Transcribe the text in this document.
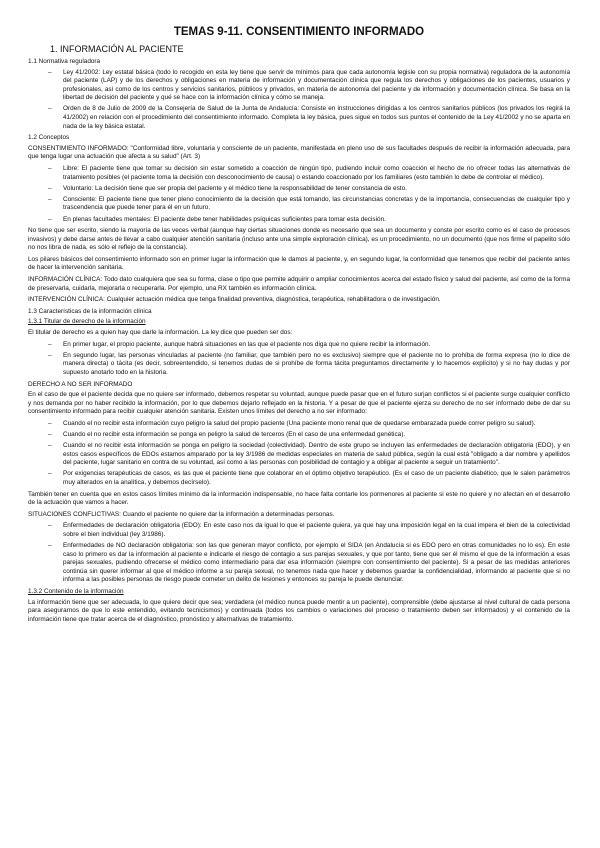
TEMAS 9-11. CONSENTIMIENTO INFORMADO
1. INFORMACIÓN AL PACIENTE
1.1 Normativa reguladora
– Ley 41/2002: Ley estatal básica (todo lo recogido en esta ley tiene que servir de mínimos para que cada autonomía legisle con su propia normativa) reguladora de la autonomía del paciente (LAP) y de los derechos y obligaciones en materia de información y documentación clínica que regula los derechos y obligaciones de los pacientes, usuarios y profesionales, así como de los centros y servicios sanitarios, públicos y privados, en materia de autonomía del paciente y de información y documentación clínica. Se basa en la libertad de decisión del paciente y qué se hace con la información clínica y cómo se maneja.
– Orden de 8 de Julio de 2009 de la Consejería de Salud de la Junta de Andalucía: Consiste en instrucciones dirigidas a los centros sanitarios públicos (los privados los regirá la 41/2002) en relación con el procedimiento del consentimiento informado. Completa la ley básica, pues sigue en todos sus puntos el contenido de la Ley 41/2002 y no se aparta en nada de la ley básica estatal.
1.2 Conceptos

CONSENTIMIENTO INFORMADO: "Conformidad libre, voluntaria y consciente de un paciente, manifestada en pleno uso de sus facultades después de recibir la información adecuada, para que tenga lugar una actuación que afecta a su salud" (Art. 3)

– Libre: El paciente tiene que tomar su decisión sin estar sometido a coacción de ningún tipo, pudiendo incluir como coacción el hecho de no ofrecer todas las alternativas de tratamiento posibles (el paciente toma la decisión con desconocimiento de causa) o estando coaccionado por los familiares (esto también lo debe de controlar el médico).
– Voluntario: La decisión tiene que ser propia del paciente y el médico tiene la responsabilidad de tener constancia de esto.
– Consciente: El paciente tiene que tener pleno conocimiento de la decisión que está tomando, las circunstancias concretas y de la importancia, consecuencias de cualquier tipo y trascendencia que puede tener para él en un futuro.
– En plenas facultades mentales: El paciente debe tener habilidades psíquicas suficientes para tomar esta decisión.

No tiene que ser escrito, siendo la mayoría de las veces verbal (aunque hay ciertas situaciones donde es necesario que sea un documento y conste por escrito como es el caso de procesos invasivos) y debe darse antes de llevar a cabo cualquier atención sanitaria (incluso ante una simple exploración clínica), es un procedimiento, no un documento (que nos firme el papelito sólo no nos libra de nada, es sólo el reflejo de la constancia).

Los pilares básicos del consentimiento informado son en primer lugar la información que le damos al paciente, y, en segundo lugar, la conformidad que tenemos que recibir del paciente antes de hacer la intervención sanitaria.

INFORMACIÓN CLÍNICA: Todo dato cualquiera que sea su forma, clase o tipo que permite adquirir o ampliar conocimientos acerca del estado físico y salud del paciente, así como de la forma de preservarla, cuidarla, mejorarla o recuperarla. Por ejemplo, una RX también es información clínica.

INTERVENCIÓN CLÍNICA: Cualquier actuación médica que tenga finalidad preventiva, diagnóstica, terapéutica, rehabilitadora o de investigación.

1.3 Características de la información clínica
1.3.1 Titular de derecho de la información

El titular de derecho es a quien hay que darle la información. La ley dice que pueden ser dos:

– En primer lugar, el propio paciente, aunque habrá situaciones en las que el paciente nos diga que no quiere recibir la información.
– En segundo lugar, las personas vinculadas al paciente (no familiar, que también pero no es exclusivo) siempre que el paciente no lo prohíba de forma expresa (no lo dice de manera directa) o tácita (es decir, sobreentendido, si tenemos dudas de si prohíbe de forma tácita preguntamos directamente y lo hacemos explícito) y si no hay dudas y por supuesto anotarlo todo en la historia.
DERECHO A NO SER INFORMADO

En el caso de que el paciente decida que no quiere ser informado, debemos respetar su voluntad, aunque puede pasar que en el futuro surjan conflictos si el paciente surge cualquier conflicto y nos demanda por no haber recibido la información, por lo que debemos dejarlo reflejado en la historia. Y a pesar de que el paciente ejerza su derecho de no ser informado debe de dar su consentimiento informado para recibir cualquier atención sanitaria. Existen unos límites del derecho a no ser informado:

– Cuando el no recibir esta información cuyo peligro la salud del propio paciente (Una paciente mono renal que de quedarse embarazada puede correr peligro su salud).
– Cuando el no recibir esta información se ponga en peligro la salud de terceros (En el caso de una enfermedad genética).
– Cuando el no recibir esta información se ponga en peligro la sociedad (colectividad). Dentro de este grupo se incluyen las enfermedades de declaración obligatoria (EDO), y en estos casos específicos de EDOs estamos amparado por la ley 3/1986 de medidas especiales en materia de salud pública, según la cual está "obligado a dar nombre y apellidos del paciente, lugar sanitario en contra de su voluntad, así como a las personas con posibilidad de contagio y a obligar al paciente a seguir un tratamiento".
– Por exigencias terapéuticas de casos, es las que el paciente tiene que colaborar en el óptimo objetivo terapéutico. (Es el caso de un paciente diabético, que le salen parámetros muy alterados en la analítica, y debemos decírselo).

También tener en cuenta que en estos casos límites mínimo da la información indispensable, no hace falta contarle los pormenores al paciente si este no quiere y no afectan en el desarrollo de la actuación que vamos a hacer.

SITUACIONES CONFLICTIVAS: Cuando el paciente no quiere dar la información a determinadas personas.

– Enfermedades de declaración obligatoria (EDO): En este caso nos da igual lo que el paciente quiera, ya que hay una imposición legal en la cual impera el bien de la colectividad sobre el bien individual (ley 3/1986).
– Enfermedades de NO declaración obligatoria: son las que generan mayor conflicto, por ejemplo el SIDA (en Andalucía si es EDO pero en otras comunidades no lo es). En este caso lo primero es dar la información al paciente e indicarle el riesgo de contagio a sus parejas sexuales, y que por tanto, tiene que ser él mismo el que de la información a esas parejas sexuales, pudiendo ofrecerse el médico como intermediario para dar esa información (siempre con consentimiento del paciente). Si a pesar de las medidas anteriores continúa sin querer informar al que el médico informe a su pareja sexual, no tenemos nada que hacer y debemos guardar la confidencialidad, informando al paciente que si no informa a las posibles personas de riesgo puede cometer un delito de lesiones y entonces su pareja le puede denunciar.
1.3.2 Contenido de la información

La información tiene que ser adecuada, lo que quiere decir que sea; verdadera (el médico nunca puede mentir a un paciente), comprensible (debe ajustarse al nivel cultural de cada persona para asegurarnos de que lo este entendido, evitando tecnicismos) y continuada (todos los cambios o variaciones del proceso o tratamiento deben ser informados) y el contenido de la información tiene que tratar acerca de el diagnóstico, pronóstico y alternativas de tratamiento.
